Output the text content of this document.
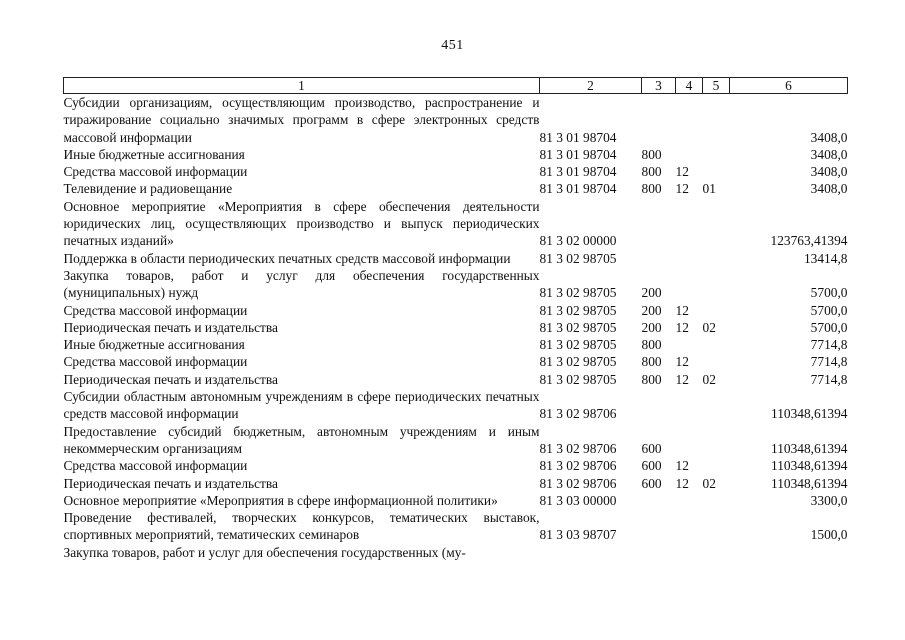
451
1	2	3	4	5	6
Субсидии организациям, осуществляющим производство, распространение и тиражирование социально значимых программ в сфере электронных средств массовой информации	81 3 01 98704				3408,0
Иные бюджетные ассигнования	81 3 01 98704	800			3408,0
Средства массовой информации	81 3 01 98704	800	12		3408,0
Телевидение и радиовещание	81 3 01 98704	800	12	01	3408,0
Основное мероприятие «Мероприятия в сфере обеспечения деятельности юридических лиц, осуществляющих производство и выпуск периодических печатных изданий»	81 3 02 00000				123763,41394
Поддержка в области периодических печатных средств массовой информации	81 3 02 98705				13414,8
Закупка товаров, работ и услуг для обеспечения государственных (муниципальных) нужд	81 3 02 98705	200			5700,0
Средства массовой информации	81 3 02 98705	200	12		5700,0
Периодическая печать и издательства	81 3 02 98705	200	12	02	5700,0
Иные бюджетные ассигнования	81 3 02 98705	800			7714,8
Средства массовой информации	81 3 02 98705	800	12		7714,8
Периодическая печать и издательства	81 3 02 98705	800	12	02	7714,8
Субсидии областным автономным учреждениям в сфере периодических печатных средств массовой информации	81 3 02 98706				110348,61394
Предоставление субсидий бюджетным, автономным учреждениям и иным некоммерческим организациям	81 3 02 98706	600			110348,61394
Средства массовой информации	81 3 02 98706	600	12		110348,61394
Периодическая печать и издательства	81 3 02 98706	600	12	02	110348,61394
Основное мероприятие «Мероприятия в сфере информационной политики»	81 3 03 00000				3300,0
Проведение фестивалей, творческих конкурсов, тематических выставок, спортивных мероприятий, тематических семинаров	81 3 03 98707				1500,0
Закупка товаров, работ и услуг для обеспечения государственных (му-					
